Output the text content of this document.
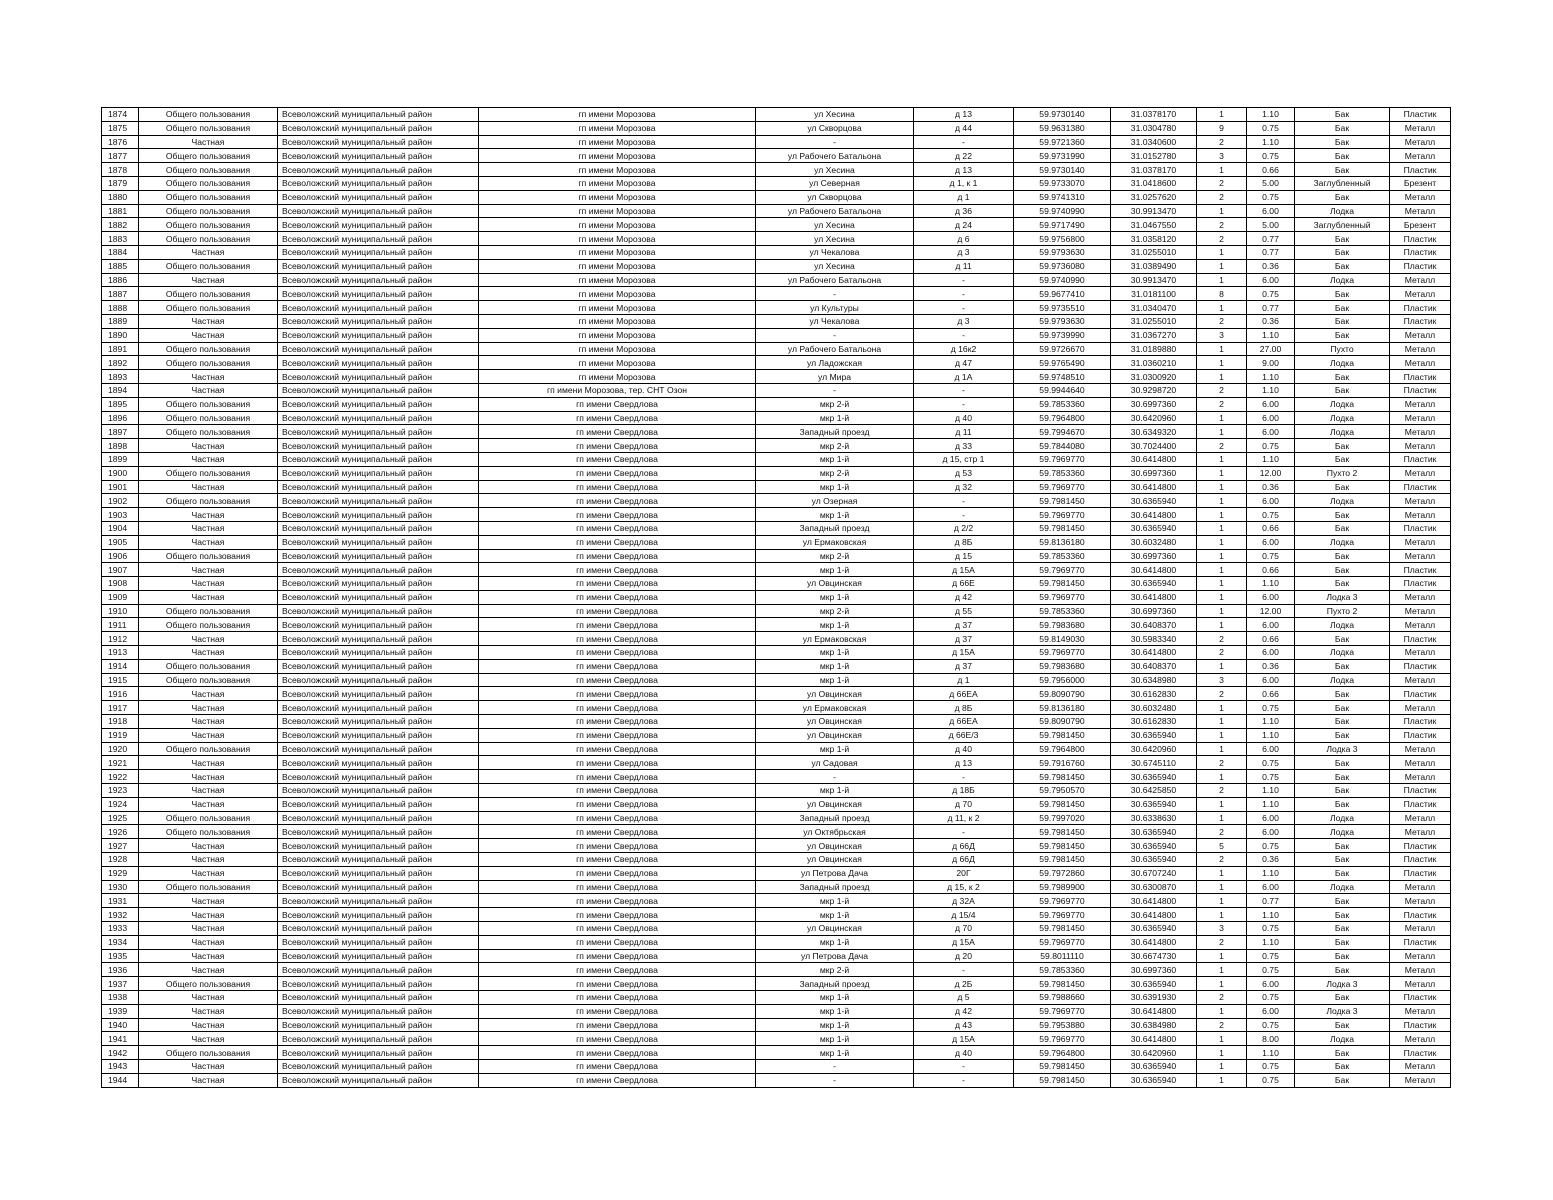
1874	Общего пользования	Всеволожский муниципальный район	гп имени Морозова	ул Хесина	д 13	59.9730140	31.0378170	1	1.10	Бак	Пластик
1875	Общего пользования	Всеволожский муниципальный район	гп имени Морозова	ул Скворцова	д 44	59.9631380	31.0304780	9	0.75	Бак	Металл
1876	Частная	Всеволожский муниципальный район	гп имени Морозова	-	-	59.9721360	31.0340600	2	1.10	Бак	Металл
1877	Общего пользования	Всеволожский муниципальный район	гп имени Морозова	ул Рабочего Батальона	д 22	59.9731990	31.0152780	3	0.75	Бак	Металл
1878	Общего пользования	Всеволожский муниципальный район	гп имени Морозова	ул Хесина	д 13	59.9730140	31.0378170	1	0.66	Бак	Пластик
1879	Общего пользования	Всеволожский муниципальный район	гп имени Морозова	ул Северная	д 1, к 1	59.9733070	31.0418600	2	5.00	Заглубленный	Брезент
1880	Общего пользования	Всеволожский муниципальный район	гп имени Морозова	ул Скворцова	д 1	59.9741310	31.0257620	2	0.75	Бак	Металл
1881	Общего пользования	Всеволожский муниципальный район	гп имени Морозова	ул Рабочего Батальона	д 36	59.9740990	30.9913470	1	6.00	Лодка	Металл
1882	Общего пользования	Всеволожский муниципальный район	гп имени Морозова	ул Хесина	д 24	59.9717490	31.0467550	2	5.00	Заглубленный	Брезент
1883	Общего пользования	Всеволожский муниципальный район	гп имени Морозова	ул Хесина	д 6	59.9756800	31.0358120	2	0.77	Бак	Пластик
1884	Частная	Всеволожский муниципальный район	гп имени Морозова	ул Чекалова	д 3	59.9793630	31.0255010	1	0.77	Бак	Пластик
1885	Общего пользования	Всеволожский муниципальный район	гп имени Морозова	ул Хесина	д 11	59.9736080	31.0389490	1	0.36	Бак	Пластик
1886	Частная	Всеволожский муниципальный район	гп имени Морозова	ул Рабочего Батальона	-	59.9740990	30.9913470	1	6.00	Лодка	Металл
1887	Общего пользования	Всеволожский муниципальный район	гп имени Морозова	-	-	59.9677410	31.0181100	8	0.75	Бак	Металл
1888	Общего пользования	Всеволожский муниципальный район	гп имени Морозова	ул Культуры	-	59.9735510	31.0340470	1	0.77	Бак	Пластик
1889	Частная	Всеволожский муниципальный район	гп имени Морозова	ул Чекалова	д 3	59.9793630	31.0255010	2	0.36	Бак	Пластик
1890	Частная	Всеволожский муниципальный район	гп имени Морозова	-	-	59.9739990	31.0367270	3	1.10	Бак	Металл
1891	Общего пользования	Всеволожский муниципальный район	гп имени Морозова	ул Рабочего Батальона	д 16к2	59.9726670	31.0189880	1	27.00	Пухто	Металл
1892	Общего пользования	Всеволожский муниципальный район	гп имени Морозова	ул Ладожская	д 47	59.9765490	31.0360210	1	9.00	Лодка	Металл
1893	Частная	Всеволожский муниципальный район	гп имени Морозова	ул Мира	д 1А	59.9748510	31.0300920	1	1.10	Бак	Пластик
1894	Частная	Всеволожский муниципальный район	гп имени Морозова, тер. СНТ Озон	-	-	59.9944640	30.9298720	2	1.10	Бак	Пластик
1895	Общего пользования	Всеволожский муниципальный район	гп имени Свердлова	мкр 2-й	-	59.7853360	30.6997360	2	6.00	Лодка	Металл
1896	Общего пользования	Всеволожский муниципальный район	гп имени Свердлова	мкр 1-й	д 40	59.7964800	30.6420960	1	6.00	Лодка	Металл
1897	Общего пользования	Всеволожский муниципальный район	гп имени Свердлова	Западный проезд	д 11	59.7994670	30.6349320	1	6.00	Лодка	Металл
1898	Частная	Всеволожский муниципальный район	гп имени Свердлова	мкр 2-й	д 33	59.7844080	30.7024400	2	0.75	Бак	Металл
1899	Частная	Всеволожский муниципальный район	гп имени Свердлова	мкр 1-й	д 15, стр 1	59.7969770	30.6414800	1	1.10	Бак	Пластик
1900	Общего пользования	Всеволожский муниципальный район	гп имени Свердлова	мкр 2-й	д 53	59.7853360	30.6997360	1	12.00	Пухто 2	Металл
1901	Частная	Всеволожский муниципальный район	гп имени Свердлова	мкр 1-й	д 32	59.7969770	30.6414800	1	0.36	Бак	Пластик
1902	Общего пользования	Всеволожский муниципальный район	гп имени Свердлова	ул Озерная	-	59.7981450	30.6365940	1	6.00	Лодка	Металл
1903	Частная	Всеволожский муниципальный район	гп имени Свердлова	мкр 1-й	-	59.7969770	30.6414800	1	0.75	Бак	Металл
1904	Частная	Всеволожский муниципальный район	гп имени Свердлова	Западный проезд	д 2/2	59.7981450	30.6365940	1	0.66	Бак	Пластик
1905	Частная	Всеволожский муниципальный район	гп имени Свердлова	ул Ермаковская	д 8Б	59.8136180	30.6032480	1	6.00	Лодка	Металл
1906	Общего пользования	Всеволожский муниципальный район	гп имени Свердлова	мкр 2-й	д 15	59.7853360	30.6997360	1	0.75	Бак	Металл
1907	Частная	Всеволожский муниципальный район	гп имени Свердлова	мкр 1-й	д 15А	59.7969770	30.6414800	1	0.66	Бак	Пластик
1908	Частная	Всеволожский муниципальный район	гп имени Свердлова	ул Овцинская	д 66Е	59.7981450	30.6365940	1	1.10	Бак	Пластик
1909	Частная	Всеволожский муниципальный район	гп имени Свердлова	мкр 1-й	д 42	59.7969770	30.6414800	1	6.00	Лодка 3	Металл
1910	Общего пользования	Всеволожский муниципальный район	гп имени Свердлова	мкр 2-й	д 55	59.7853360	30.6997360	1	12.00	Пухто 2	Металл
1911	Общего пользования	Всеволожский муниципальный район	гп имени Свердлова	мкр 1-й	д 37	59.7983680	30.6408370	1	6.00	Лодка	Металл
1912	Частная	Всеволожский муниципальный район	гп имени Свердлова	ул Ермаковская	д 37	59.8149030	30.5983340	2	0.66	Бак	Пластик
1913	Частная	Всеволожский муниципальный район	гп имени Свердлова	мкр 1-й	д 15А	59.7969770	30.6414800	2	6.00	Лодка	Металл
1914	Общего пользования	Всеволожский муниципальный район	гп имени Свердлова	мкр 1-й	д 37	59.7983680	30.6408370	1	0.36	Бак	Пластик
1915	Общего пользования	Всеволожский муниципальный район	гп имени Свердлова	мкр 1-й	д 1	59.7956000	30.6348980	3	6.00	Лодка	Металл
1916	Частная	Всеволожский муниципальный район	гп имени Свердлова	ул Овцинская	д 66ЕА	59.8090790	30.6162830	2	0.66	Бак	Пластик
1917	Частная	Всеволожский муниципальный район	гп имени Свердлова	ул Ермаковская	д 8Б	59.8136180	30.6032480	1	0.75	Бак	Металл
1918	Частная	Всеволожский муниципальный район	гп имени Свердлова	ул Овцинская	д 66ЕА	59.8090790	30.6162830	1	1.10	Бак	Пластик
1919	Частная	Всеволожский муниципальный район	гп имени Свердлова	ул Овцинская	д 66Е/3	59.7981450	30.6365940	1	1.10	Бак	Пластик
1920	Общего пользования	Всеволожский муниципальный район	гп имени Свердлова	мкр 1-й	д 40	59.7964800	30.6420960	1	6.00	Лодка 3	Металл
1921	Частная	Всеволожский муниципальный район	гп имени Свердлова	ул Садовая	д 13	59.7916760	30.6745110	2	0.75	Бак	Металл
1922	Частная	Всеволожский муниципальный район	гп имени Свердлова	-	-	59.7981450	30.6365940	1	0.75	Бак	Металл
1923	Частная	Всеволожский муниципальный район	гп имени Свердлова	мкр 1-й	д 18Б	59.7950570	30.6425850	2	1.10	Бак	Пластик
1924	Частная	Всеволожский муниципальный район	гп имени Свердлова	ул Овцинская	д 70	59.7981450	30.6365940	1	1.10	Бак	Пластик
1925	Общего пользования	Всеволожский муниципальный район	гп имени Свердлова	Западный проезд	д 11, к 2	59.7997020	30.6338630	1	6.00	Лодка	Металл
1926	Общего пользования	Всеволожский муниципальный район	гп имени Свердлова	ул Октябрьская	-	59.7981450	30.6365940	2	6.00	Лодка	Металл
1927	Частная	Всеволожский муниципальный район	гп имени Свердлова	ул Овцинская	д 66Д	59.7981450	30.6365940	5	0.75	Бак	Пластик
1928	Частная	Всеволожский муниципальный район	гп имени Свердлова	ул Овцинская	д 66Д	59.7981450	30.6365940	2	0.36	Бак	Пластик
1929	Частная	Всеволожский муниципальный район	гп имени Свердлова	ул Петрова Дача	20Г	59.7972860	30.6707240	1	1.10	Бак	Пластик
1930	Общего пользования	Всеволожский муниципальный район	гп имени Свердлова	Западный проезд	д 15, к 2	59.7989900	30.6300870	1	6.00	Лодка	Металл
1931	Частная	Всеволожский муниципальный район	гп имени Свердлова	мкр 1-й	д 32А	59.7969770	30.6414800	1	0.77	Бак	Металл
1932	Частная	Всеволожский муниципальный район	гп имени Свердлова	мкр 1-й	д 15/4	59.7969770	30.6414800	1	1.10	Бак	Пластик
1933	Частная	Всеволожский муниципальный район	гп имени Свердлова	ул Овцинская	д 70	59.7981450	30.6365940	3	0.75	Бак	Металл
1934	Частная	Всеволожский муниципальный район	гп имени Свердлова	мкр 1-й	д 15А	59.7969770	30.6414800	2	1.10	Бак	Пластик
1935	Частная	Всеволожский муниципальный район	гп имени Свердлова	ул Петрова Дача	д 20	59.8011110	30.6674730	1	0.75	Бак	Металл
1936	Частная	Всеволожский муниципальный район	гп имени Свердлова	мкр 2-й	-	59.7853360	30.6997360	1	0.75	Бак	Металл
1937	Общего пользования	Всеволожский муниципальный район	гп имени Свердлова	Западный проезд	д 2Б	59.7981450	30.6365940	1	6.00	Лодка 3	Металл
1938	Частная	Всеволожский муниципальный район	гп имени Свердлова	мкр 1-й	д 5	59.7988660	30.6391930	2	0.75	Бак	Пластик
1939	Частная	Всеволожский муниципальный район	гп имени Свердлова	мкр 1-й	д 42	59.7969770	30.6414800	1	6.00	Лодка 3	Металл
1940	Частная	Всеволожский муниципальный район	гп имени Свердлова	мкр 1-й	д 43	59.7953880	30.6384980	2	0.75	Бак	Пластик
1941	Частная	Всеволожский муниципальный район	гп имени Свердлова	мкр 1-й	д 15А	59.7969770	30.6414800	1	8.00	Лодка	Металл
1942	Общего пользования	Всеволожский муниципальный район	гп имени Свердлова	мкр 1-й	д 40	59.7964800	30.6420960	1	1.10	Бак	Пластик
1943	Частная	Всеволожский муниципальный район	гп имени Свердлова	-	-	59.7981450	30.6365940	1	0.75	Бак	Металл
1944	Частная	Всеволожский муниципальный район	гп имени Свердлова	-	-	59.7981450	30.6365940	1	0.75	Бак	Металл
